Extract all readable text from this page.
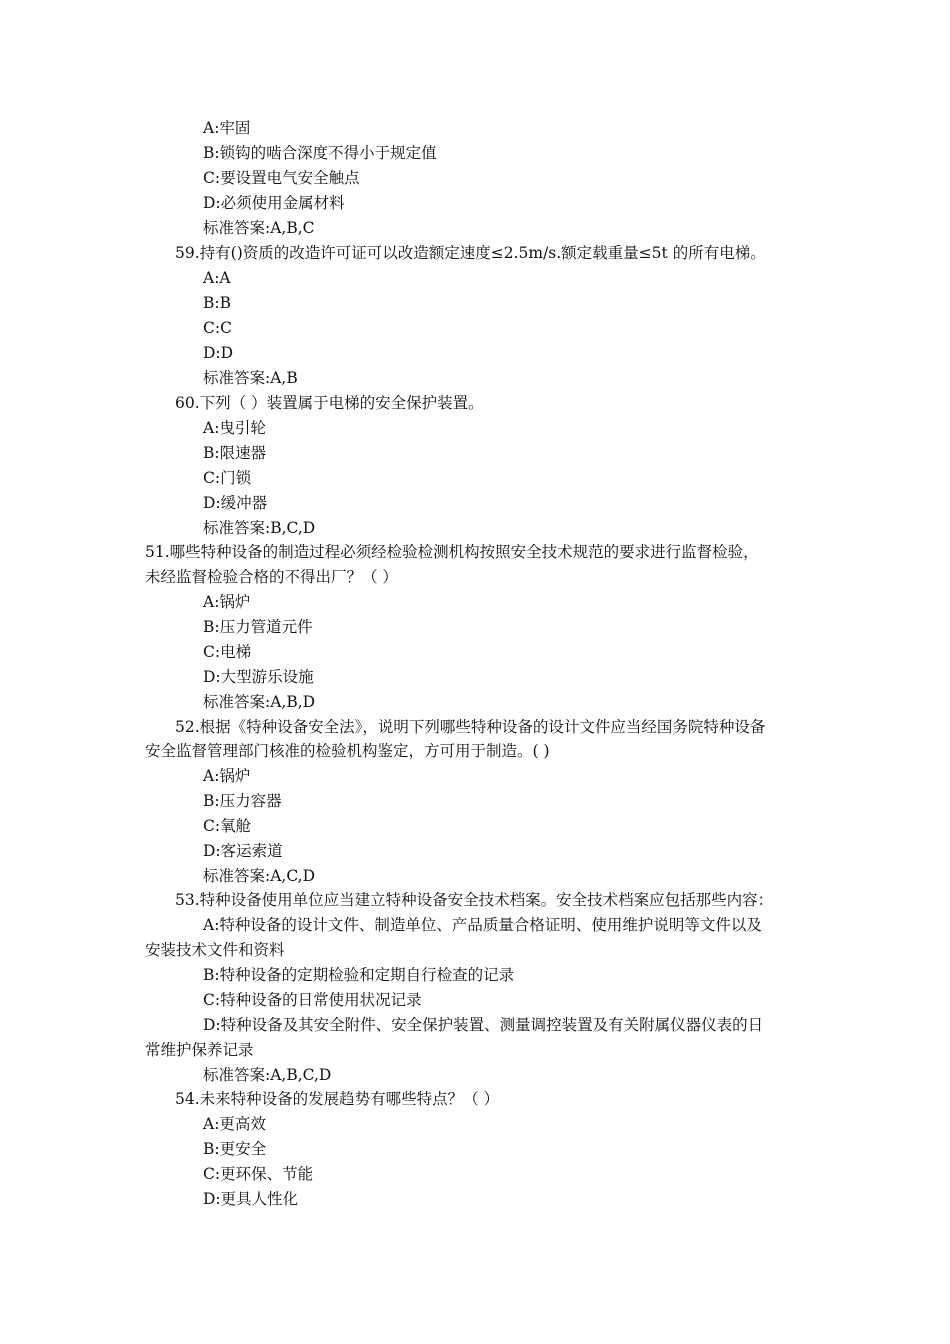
A:牢固
B:锁钩的啮合深度不得小于规定值
C:要设置电气安全触点
D:必须使用金属材料
标准答案:A,B,C
59.持有()资质的改造许可证可以改造额定速度≤2.5m/s.额定载重量≤5t 的所有电梯。
A:A
B:B
C:C
D:D
标准答案:A,B
60.下列（ ）装置属于电梯的安全保护装置。
A:曳引轮
B:限速器
C:门锁
D:缓冲器
标准答案:B,C,D
51.哪些特种设备的制造过程必须经检验检测机构按照安全技术规范的要求进行监督检验，
未经监督检验合格的不得出厂？（ ）
A:锅炉
B:压力管道元件
C:电梯
D:大型游乐设施
标准答案:A,B,D
52.根据《特种设备安全法》，说明下列哪些特种设备的设计文件应当经国务院特种设备
安全监督管理部门核准的检验机构鉴定，方可用于制造。( )
A:锅炉
B:压力容器
C:氧舱
D:客运索道
标准答案:A,C,D
53.特种设备使用单位应当建立特种设备安全技术档案。安全技术档案应包括那些内容：
A:特种设备的设计文件、制造单位、产品质量合格证明、使用维护说明等文件以及
安装技术文件和资料
B:特种设备的定期检验和定期自行检查的记录
C:特种设备的日常使用状况记录
D:特种设备及其安全附件、安全保护装置、测量调控装置及有关附属仪器仪表的日
常维护保养记录
标准答案:A,B,C,D
54.未来特种设备的发展趋势有哪些特点？（ ）
A:更高效
B:更安全
C:更环保、节能
D:更具人性化
